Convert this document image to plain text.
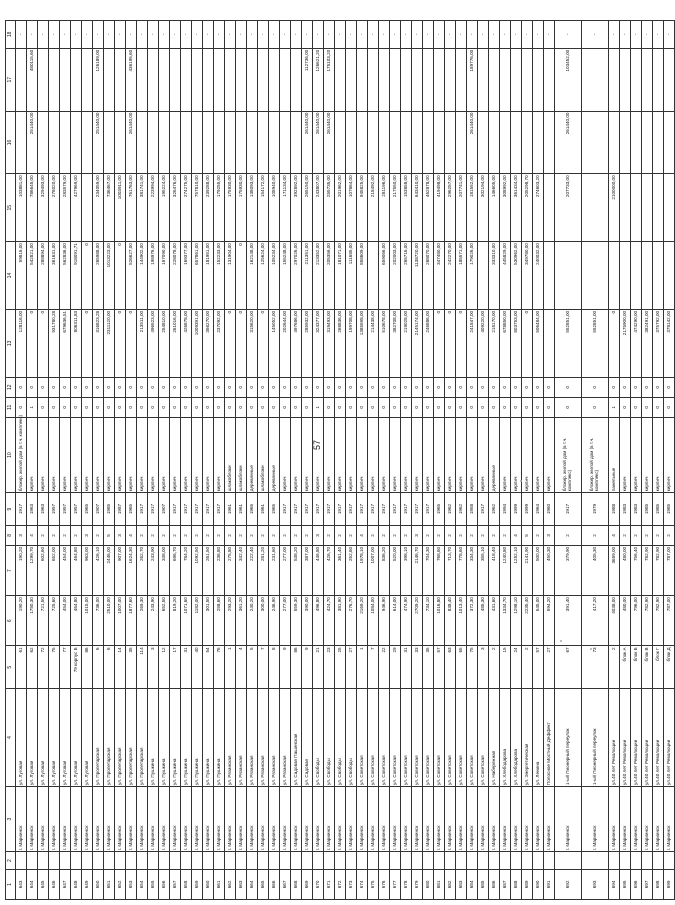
57
1	2	3	4	5	6	7	8	9	10	11	12	13	14	15	16	17	18
643		г. Мариинск	ул. Луговая	61	190,20	190,20	3	1917	блокир. жилой дом (в т.ч. комплекс)	0	0	128116,00	59816,00	103881,00			-
644		г. Мариинск	ул. Луговая	62	1780,30	1299,70	4	1963	кирпич	1	0	0	542821,00	786645,00	251440,00	480115,60	-
645		г. Мариинск	ул. Луговая	72	721,50	602,60	2	1963	кирпич	0	0	0	288894,00	329493,00			-
646		г. Мариинск	ул. Луговая	75	725,60	652,00	2	1957	кирпич	0	0	931780,28	361631,00	278020,00			-
647		г. Мариинск	ул. Луговая	77	454,00	454,00	2	1957	кирпич	0	0	679636,51	562836,00	283579,00			-
648		г. Мариинск	ул. Луговая	79 корпус Б	464,80	464,80	2	1957	кирпич	0	0	806311,83	918091,71	427969,00			-
649		г. Мариинск	ул. Луговая	86	1015,00	963,00	3	1965	кирпич	0	0	0	0				-
650		г. Мариинск	ул. Пролетарская	6	736,00	426,10	2	1907	кирпич	0	0	316823,28	265988,00	234059,00	251440,00	126189,00	-
651		г. Мариинск	ул. Пролетарская	6	2510,00	2446,00	5	1985	кирпич	0	0	2311120,00	1013223,00	736467,00			-
652		г. Мариинск	ул. Пролетарская	14	1007,00	907,00	3	1987	кирпич	0	0	0	0	1003911,00			-
653		г. Мариинск	ул. Пролетарская	35	1877,60	1624,30	4	1965	кирпич	0	0	0	526627,00	761763,00	261440,00	436195,60	-
654		г. Мариинск	ул. Пролетарская	114	269,30	262,70	2	1917	кирпич	0	0	213511,00	144902,00	381741,00			-
655		г. Мариинск	ул. Пушкина	3	243,90	243,90	2	1917	кирпич	0	0	496523,00	198976,00	223994,00			-
656		г. Мариинск	ул. Пушкина	12	652,50	348,00	2	1907	кирпич	0	0	254810,00	167090,00	195224,00			-
657		г. Мариинск	ул. Пушкина	17	819,20	696,70	2	1917	кирпич	0	0	261016,00	228078,00	326476,00			-
658		г. Мариинск	ул. Пушкина	31	1071,60	784,20	2	1917	кирпич	0	0	426878,00	169377,00	274275,00			-
659		г. Мариинск	ул. Пушкина	40	1182,00	1092,50	2	1917	кирпич	0	0	1009391,00	657861,00	757810,00			-
660		г. Мариинск	ул. Пушкина	54	301,50	261,50	2	1917	кирпич	0	0	356270,00	181951,00	239288,00			-
661		г. Мариинск	ул. Пушкина	76	258,60	236,80	2	1917	кирпич	0	0	237092,00	152233,00	179255,00			-
662		г. Мариинск	ул. Рязанская	1	293,20	275,80	2	1961	шлакоблоки	0	0	0	131904,00	175930,00			-
663		г. Мариинск	ул. Рязанская	4	361,20	342,40	2	1961	шлакоблоки	0	0	0	0	175930,00			-
664		г. Мариинск	ул. Рязанская	5	240,20	222,40	2	1965	деревянные	0	0	315620,00	162148,00	138093,00			-
665		г. Мариинск	ул. Рязанская	7	300,00	281,20	2	1961	шлакоблоки	0	0	0	125624,00	154172,00			-
666		г. Мариинск	ул. Рязанская	8	246,90	231,60	2	1965	деревянные	0	0	145052,00	105234,00	108940,00			-
667		г. Мариинск	ул. Рязанская	9	277,00	277,00	2	1917	кирпич	0	0	202644,00	155248,00	171134,00			-
668		г. Мариинск	ул. Садовая Пашинская	86	559,30	538,20	2	1917	кирпич	0	0	497686,00	297026,00	392892,00			-
669		г. Мариинск	ул. Садовая	9	390,00	387,00	2	1917	кирпич	0	0	285932,00	211351,00	265150,00	261440,00	112736,00	-
670		г. Мариинск	ул. Свободы	21	496,80	446,80	3	1917	кирпич	1	0	324377,00	213352,00	243807,00	261440,00	126621,20	-
671		г. Мариинск	ул. Свободы	23	424,70	426,70	2	1917	кирпич	0	0	319493,00	205356,00	255735,00	261440,00	175103,20	-
672		г. Мариинск	ул. Свободы	25	381,90	361,40	2	1917	кирпич	0	0	268836,00	181071,00	201962,00			-
673		г. Мариинск	ул. Свободы	27	276,70	252,60	2	1917	кирпич	0	0	199708,00	111685,00	107664,00			-
674		г. Мариинск	ул. Советская	1	2169,20	1978,10	4	1917	кирпич	0	0	1385598,00	858609,00	945825,00			-
675		г. Мариинск	ул. Советская	7	1084,00	1007,00	2	1917	кирпич	0	0	214438,00		218492,00			-
676		г. Мариинск	ул. Советская	22	946,90	836,20	2	1917	кирпич	0	0	510678,00	659066,00	281196,00			-
677		г. Мариинск	ул. Советская	29	614,00	520,00	2	1917	кирпич	0	0	382708,00	202003,00	217550,00			-
678		г. Мариинск	ул. Советская	31	474,90	398,10	2	1917	кирпич	0	0	219028,00	265716,00	153858,00			-
679		г. Мариинск	ул. Советская	33	2709,20	2146,70	3	1917	кирпич	0	0	2145174,00	1138720,00	643410,00			-
680		г. Мариинск	ул. Советская	35	734,10	704,30	2	1917	кирпич	0	0	246886,00	268070,00	462878,00			-
681		г. Мариинск	ул. Советская	57	1016,80	768,60	2	1965	кирпич	0	0	0	347480,00	419498,00			-
682		г. Мариинск	ул. Советская	63	838,40	713,70	2	1962	кирпич	0	0	0	242270,00	296257,00			-
683		г. Мариинск	ул. Советская	65	1013,40	778,60	2	1962	кирпич	0	0	0	185571,00	207741,00			-
684		г. Мариинск	ул. Советская	75	372,30	334,30	2	1958	кирпич	0	0	241847,00	179026,00	181552,00	261440,00	189776,00	-
685		г. Мариинск	ул. Советская	3	485,30	355,10	2	1917	кирпич	0	0	409220,00		302194,00			-
686		г. Мариинск	ул. Набережная	2	431,60	418,40	2	1962	деревянные	0	0	218170,00	333310,00	146605,00			-
687		г. Мариинск	ул. Хлебодарова	15	1334,70	1240,80	2	1994	кирпич	0	0	678850,00	445829,00	308992,00			-
688		г. Мариинск	ул. Хлебодарова	24	1298,10	1252,10	4	1999	кирпич	0	0	803753,00	530962,00	361434,00			-
689		г. Мариинск	ул. Энергетическая	2	2235,40	2141,90	5	1999	кирпич	0	0	0	349780,00	205298,70			-
690		г. Мариинск	ул. Ленина	57	545,00	500,00	2	1964	кирпич	0	0	506484,00	240032,00	274603,20			-
691		г. Мариинск	Полосное Мостный Деффект	27	594,20	450,30	3	1960	кирпич	0	0						-
692		г. Мариинск	1-ый Пионерный переулок	67	391,40	379,90	2	1917	блокир. жилой дом (в т.ч. комплекс)	0	0	552851,00		207733,00	261440,00	103452,00	-
693		г. Мариинск	1-ый Пионерный переулок	73	417,20	405,30	2	1979	блокир. жилой дом (в т.ч. комплекс)	0	0	552851,00					-
694		г. Мариинск	ул.40 лет Революции	2	4038,00	3659,00	4	1988	панельные	1	0	0		2100000,00			-
695		г. Мариинск	ул.40 лет Революции	блок А	480,00	480,00	2	1983	кирпич	0	0	2175900,00					-
696		г. Мариинск	ул.40 лет Революции	блок Б	796,00	756,40	2	1983	кирпич	0	0	474290,00					-
697		г. Мариинск	ул.40 лет Революции	блок В	782,90	782,90	2	1985	кирпич	0	0	382491,00					-
698		г. Мариинск	ул.40 лет Революции	блок Г	782,90	782,90	2	1985	кирпич	0	0	375792,00					-
699		г. Мариинск	ул.40 лет Революции	блок Д	787,00	787,00	2	1985	кирпич	0	0	378142,00					-
